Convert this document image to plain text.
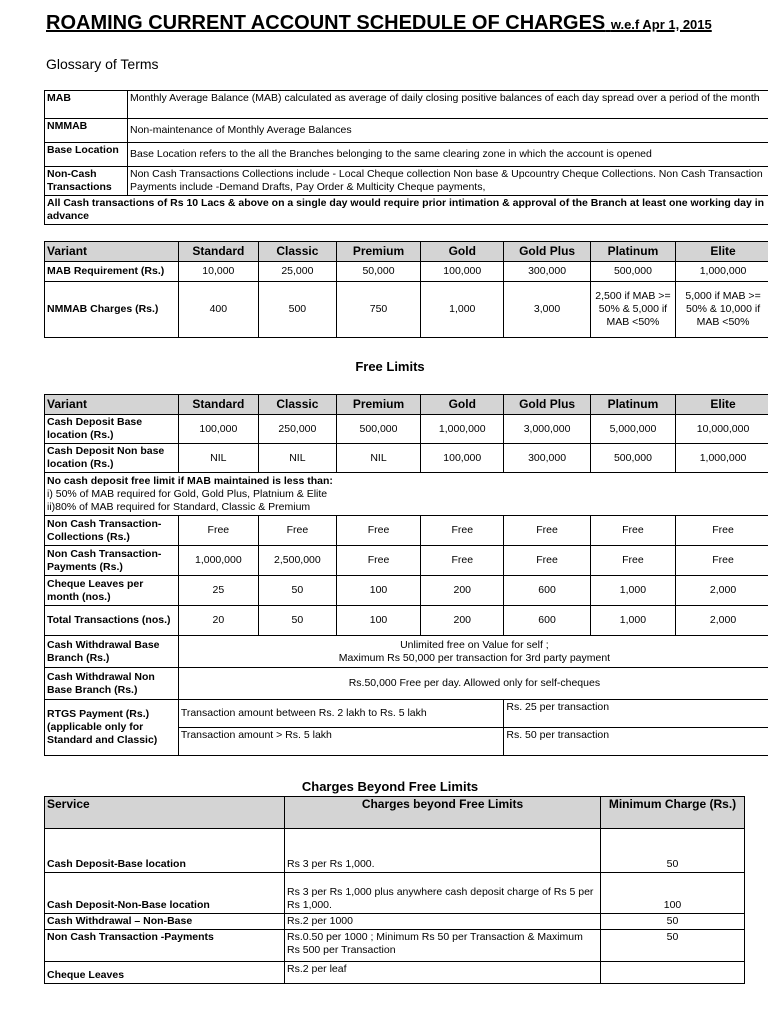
ROAMING CURRENT ACCOUNT SCHEDULE OF CHARGES w.e.f Apr 1, 2015
Glossary of Terms
MAB	Monthly Average Balance (MAB) calculated as average of daily closing positive balances of each day spread over a period of the month
NMMAB	Non-maintenance of Monthly Average Balances
Base Location	Base Location refers to the all the Branches belonging to the same clearing zone in which the account is opened
Non-Cash Transactions	Non Cash Transactions Collections include - Local Cheque collection Non base & Upcountry Cheque Collections. Non Cash Transaction Payments include -Demand Drafts, Pay Order & Multicity Cheque payments,
All Cash transactions of Rs 10 Lacs & above on a single day would require prior intimation & approval of the Branch at least one working day in advance	
Variant	Standard	Classic	Premium	Gold	Gold Plus	Platinum	Elite
MAB Requirement (Rs.)	10,000	25,000	50,000	100,000	300,000	500,000	1,000,000
NMMAB Charges (Rs.)	400	500	750	1,000	3,000	2,500 if MAB >= 50% & 5,000 if MAB <50%	5,000 if MAB >= 50% & 10,000 if MAB <50%
Free Limits
Variant	Standard	Classic	Premium	Gold	Gold Plus	Platinum	Elite
Cash Deposit Base location (Rs.)	100,000	250,000	500,000	1,000,000	3,000,000	5,000,000	10,000,000
Cash Deposit Non base location (Rs.)	NIL	NIL	NIL	100,000	300,000	500,000	1,000,000

No cash deposit free limit if MAB maintained is less than:
i) 50% of MAB required for Gold, Gold Plus, Platnium & Elite
ii)80% of MAB required for Standard, Classic & Premium							

Non Cash Transaction-Collections (Rs.)	Free	Free	Free	Free	Free	Free	Free
Non Cash Transaction-Payments (Rs.)	1,000,000	2,500,000	Free	Free	Free	Free	Free
Cheque Leaves per month (nos.)	25	50	100	200	600	1,000	2,000
Total Transactions (nos.)	20	50	100	200	600	1,000	2,000
Cash Withdrawal Base Branch (Rs.)	Unlimited free on Value for self ;
Maximum Rs 50,000 per transaction for 3rd party payment						

Cash Withdrawal Non Base Branch (Rs.)	Rs.50,000 Free per day. Allowed only for self-cheques						
RTGS Payment (Rs.) (applicable only for Standard and Classic)	Transaction amount between Rs. 2 lakh to Rs. 5 lakh				Rs. 25 per transaction		
	Transaction amount > Rs. 5 lakh				Rs. 50 per transaction		
Charges Beyond Free Limits
Service	Charges beyond Free Limits	Minimum Charge (Rs.)
Cash Deposit-Base location	Rs 3 per Rs 1,000.	50
Cash Deposit-Non-Base location	Rs 3 per Rs 1,000 plus anywhere cash deposit charge of Rs 5 per Rs 1,000.	100
Cash Withdrawal – Non-Base	Rs.2 per 1000	50
Non Cash Transaction -Payments	Rs.0.50 per 1000 ; Minimum Rs 50 per Transaction & Maximum Rs 500 per Transaction	50
Cheque Leaves	Rs.2 per leaf	
